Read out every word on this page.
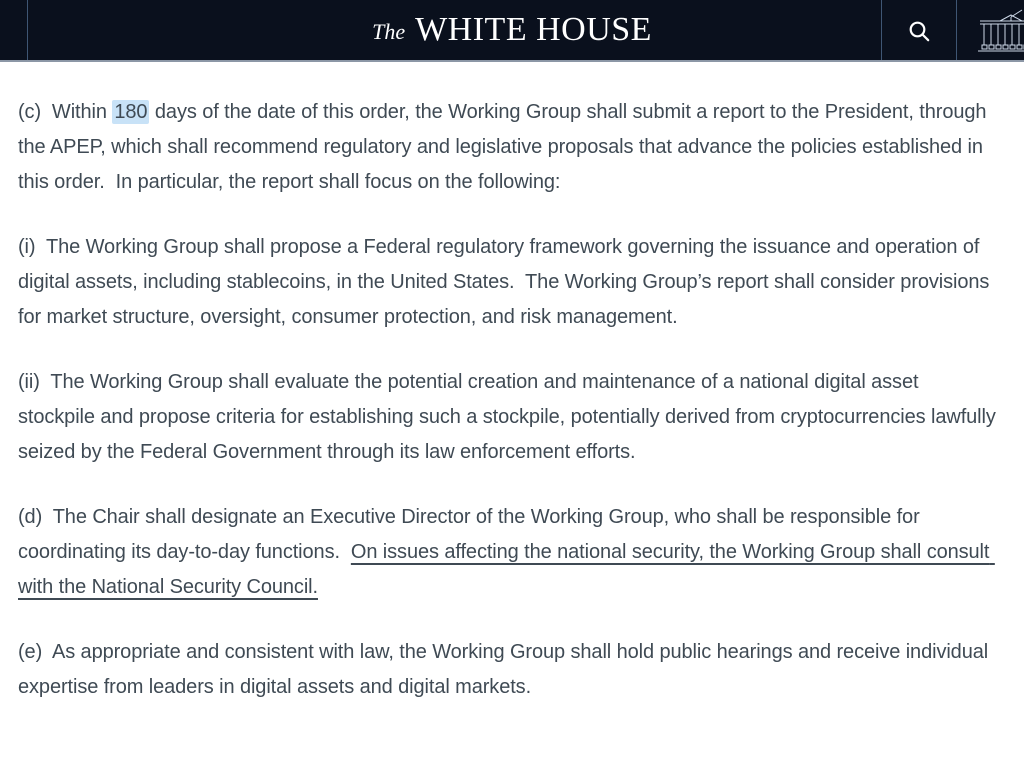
The WHITE HOUSE

(c)  Within 180 days of the date of this order, the Working Group shall submit a report to the President, through the APEP, which shall recommend regulatory and legislative proposals that advance the policies established in this order.  In particular, the report shall focus on the following:

(i)  The Working Group shall propose a Federal regulatory framework governing the issuance and operation of digital assets, including stablecoins, in the United States.  The Working Group’s report shall consider provisions for market structure, oversight, consumer protection, and risk management.

(ii)  The Working Group shall evaluate the potential creation and maintenance of a national digital asset stockpile and propose criteria for establishing such a stockpile, potentially derived from cryptocurrencies lawfully seized by the Federal Government through its law enforcement efforts.

(d)  The Chair shall designate an Executive Director of the Working Group, who shall be responsible for coordinating its day-to-day functions.  On issues affecting the national security, the Working Group shall consult with the National Security Council.

(e)  As appropriate and consistent with law, the Working Group shall hold public hearings and receive individual expertise from leaders in digital assets and digital markets.
